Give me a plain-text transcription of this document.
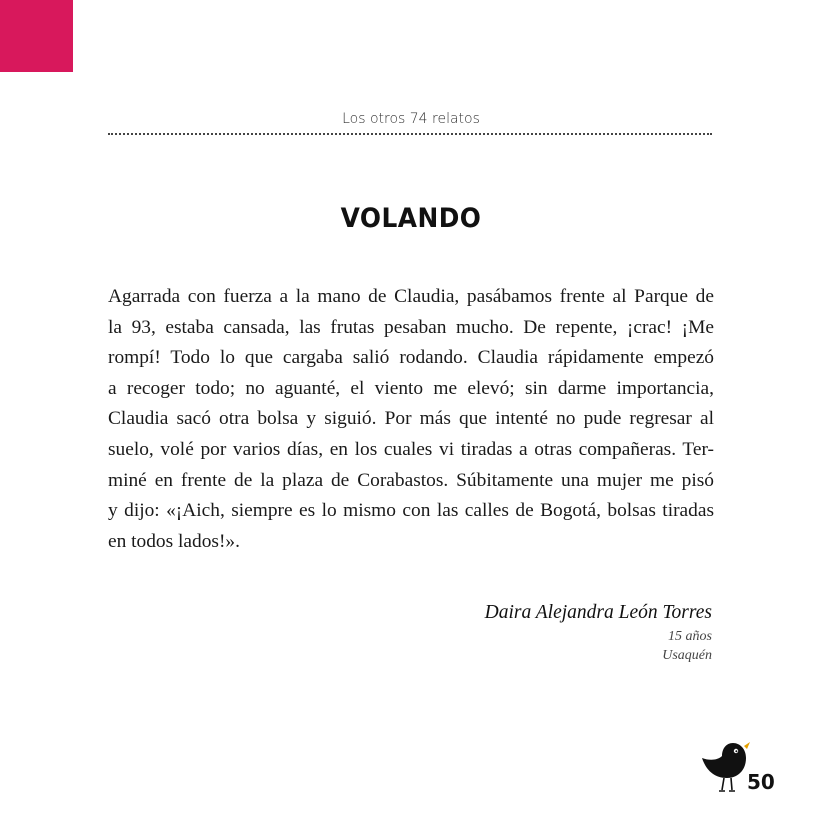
Los otros 74 relatos
VOLANDO
Agarrada con fuerza a la mano de Claudia, pasábamos frente al Parque de
la 93, estaba cansada, las frutas pesaban mucho. De repente, ¡crac! ¡Me
rompí! Todo lo que cargaba salió rodando. Claudia rápidamente empezó
a recoger todo; no aguanté, el viento me elevó; sin darme importancia,
Claudia sacó otra bolsa y siguió. Por más que intenté no pude regresar al
suelo, volé por varios días, en los cuales vi tiradas a otras compañeras. Ter-
miné en frente de la plaza de Corabastos. Súbitamente una mujer me pisó
y dijo: «¡Aich, siempre es lo mismo con las calles de Bogotá, bolsas tiradas
en todos lados!».
Daira Alejandra León Torres
15 años
Usaquén
50
